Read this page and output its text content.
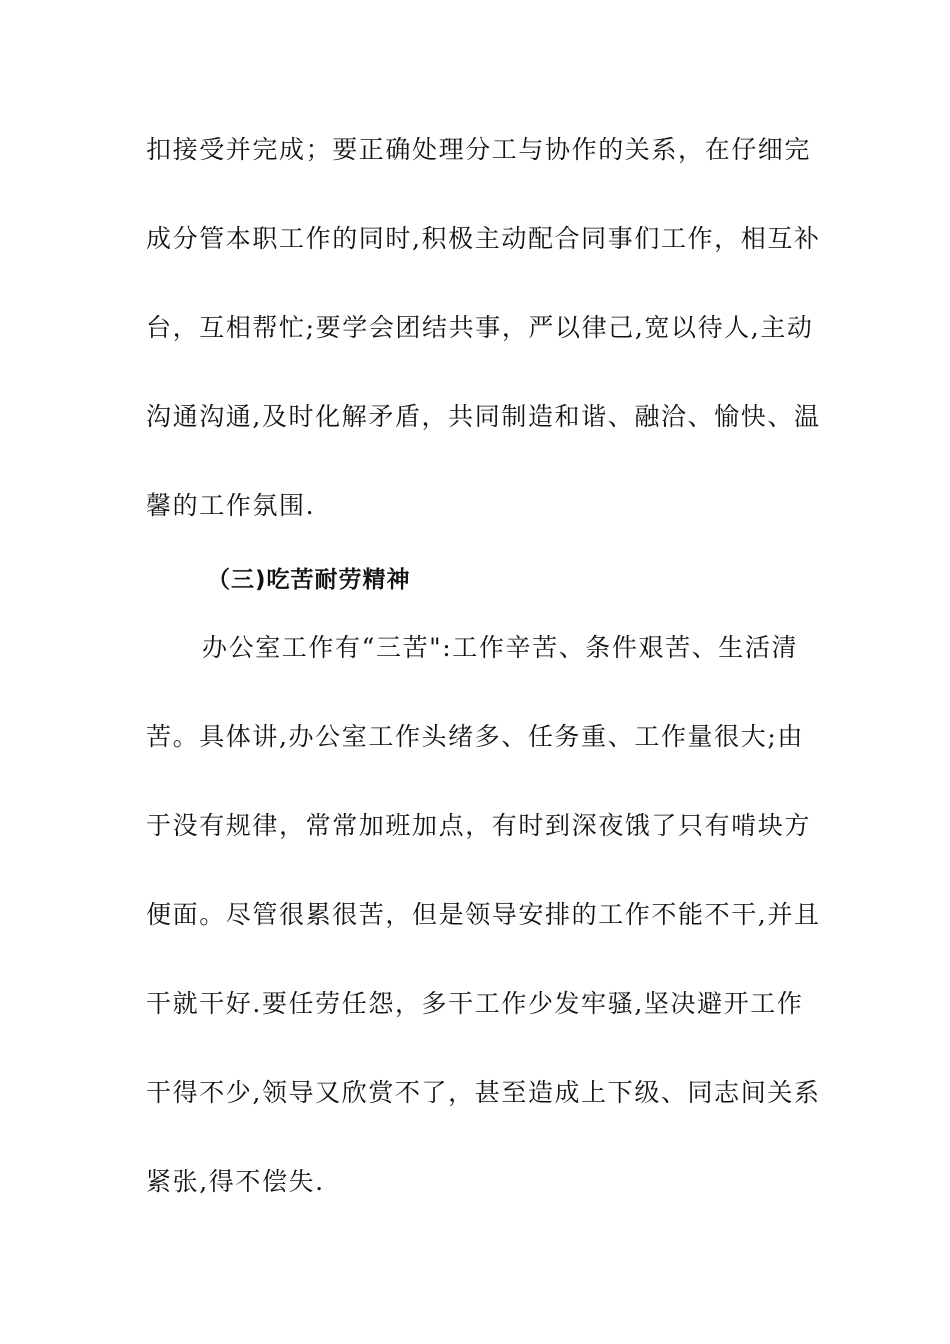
扣接受并完成；要正确处理分工与协作的关系，在仔细完
成分管本职工作的同时,积极主动配合同事们工作，相互补
台，互相帮忙;要学会团结共事，严以律己,宽以待人,主动
沟通沟通,及时化解矛盾，共同制造和谐、融洽、愉快、温
馨的工作氛围.
（三)吃苦耐劳精神
办公室工作有“三苦":工作辛苦、条件艰苦、生活清
苦。具体讲,办公室工作头绪多、任务重、工作量很大;由
于没有规律，常常加班加点，有时到深夜饿了只有啃块方
便面。尽管很累很苦，但是领导安排的工作不能不干,并且
干就干好.要任劳任怨，多干工作少发牢骚,坚决避开工作
干得不少,领导又欣赏不了，甚至造成上下级、同志间关系
紧张,得不偿失.
